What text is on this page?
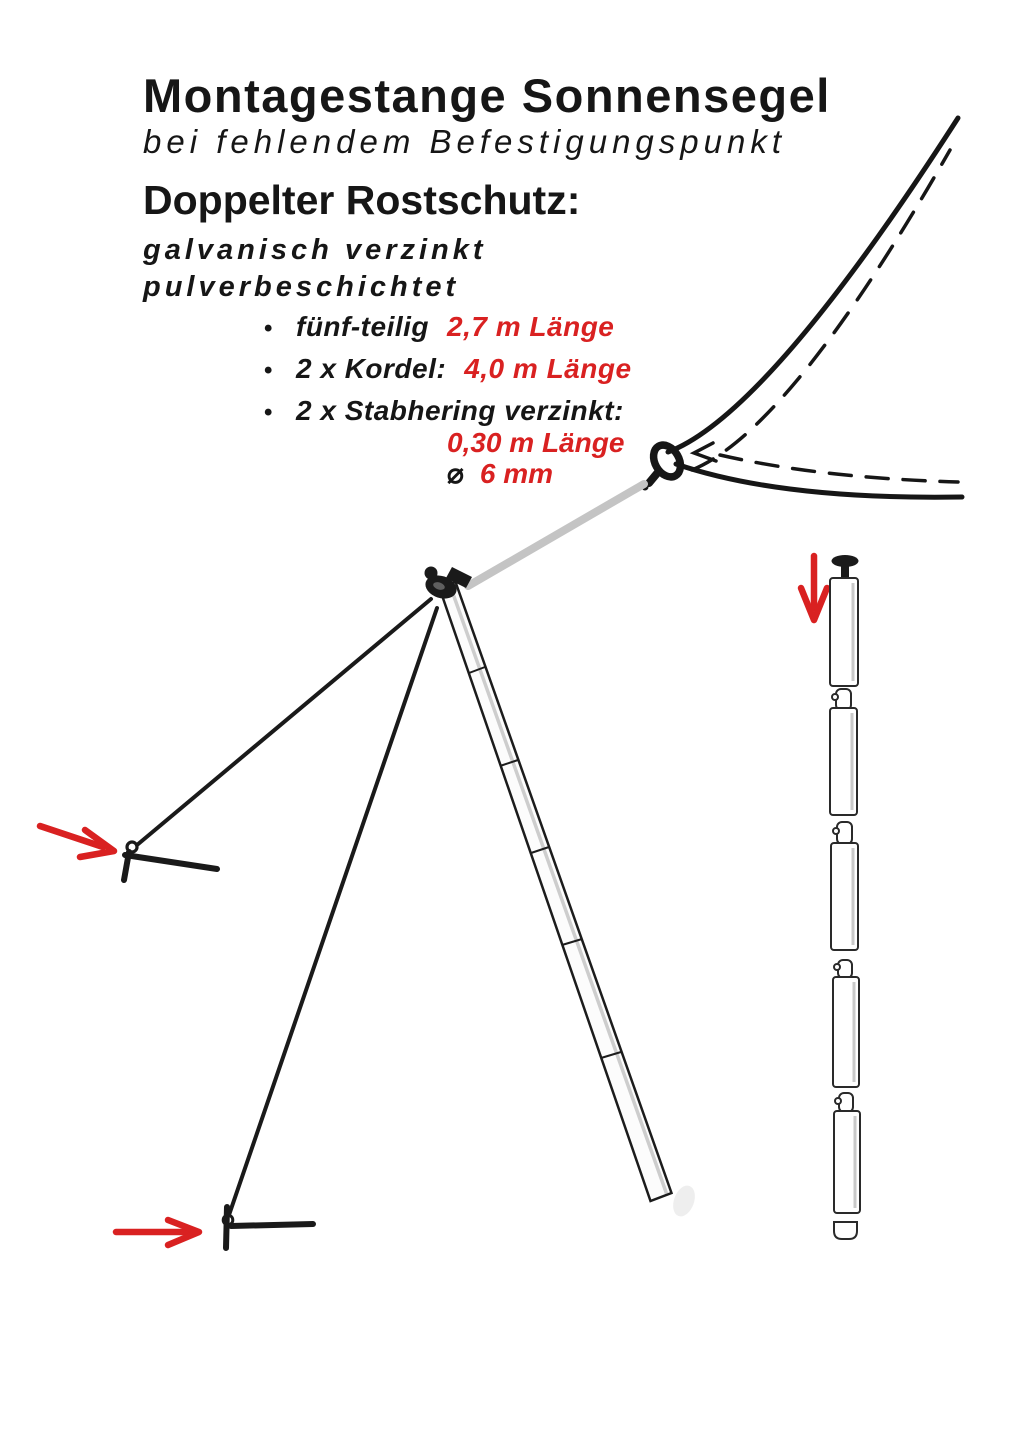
Montagestange Sonnensegel
bei fehlendem Befestigungspunkt
Doppelter Rostschutz:
galvanisch verzinkt
pulverbeschichtet
• fünf-teilig 2,7 m Länge
• 2 x Kordel: 4,0 m Länge
• 2 x Stabhering verzinkt:
0,30 m Länge
⌀ 6 mm
